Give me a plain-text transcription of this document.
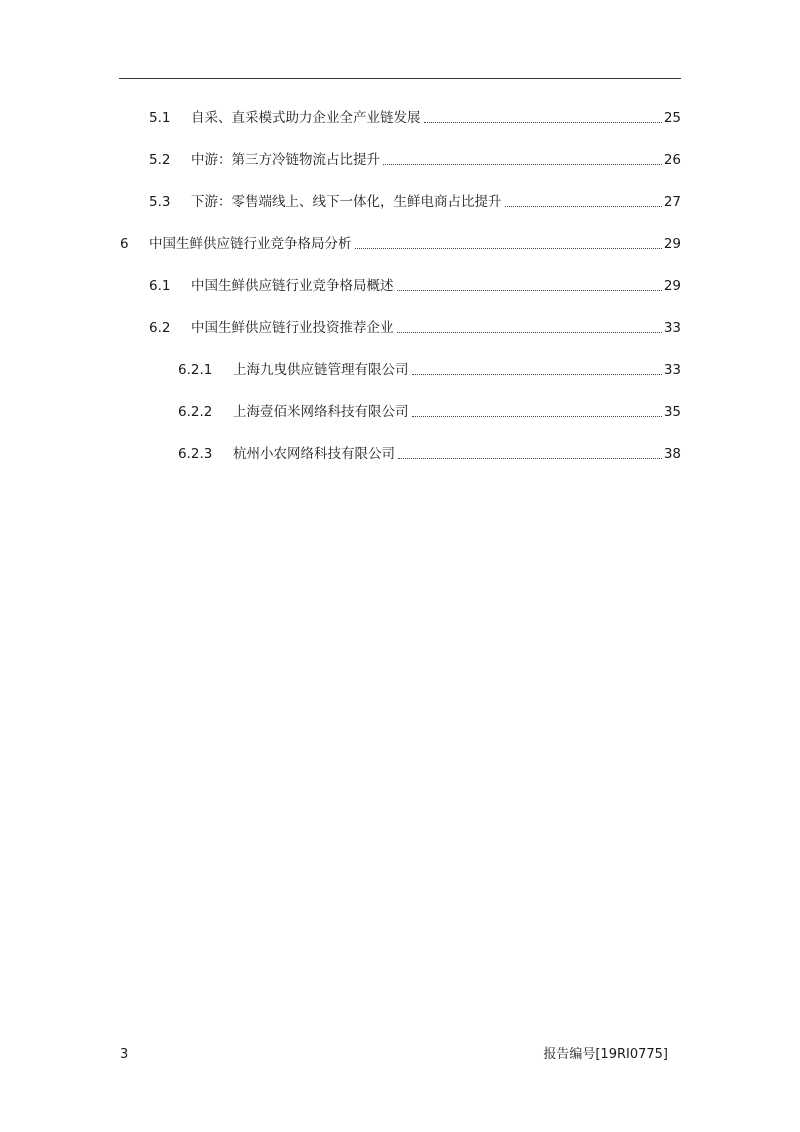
5.1	自采、直采模式助力企业全产业链发展	25
5.2	中游：第三方冷链物流占比提升	26
5.3	下游：零售端线上、线下一体化，生鲜电商占比提升	27
6	中国生鲜供应链行业竞争格局分析	29
6.1	中国生鲜供应链行业竞争格局概述	29
6.2	中国生鲜供应链行业投资推荐企业	33
6.2.1	上海九曳供应链管理有限公司	33
6.2.2	上海壹佰米网络科技有限公司	35
6.2.3	杭州小农网络科技有限公司	38
3	报告编号[19RI0775]
